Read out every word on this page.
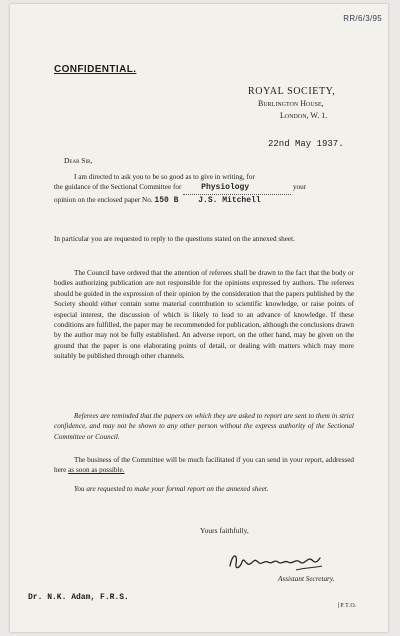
RR/6/3/95
CONFIDENTIAL.
ROYAL SOCIETY,
Burlington House,
London, W. 1.
22nd May 1937.
Dear Sir,
I am directed to ask you to be so good as to give in writing, for
the guidance of the Sectional Committee for Physiology	your
opinion on the enclosed paper No. 150 B J.S. Mitchell
In particular you are requested to reply to the questions stated on the annexed sheet.
The Council have ordered that the attention of referees shall be drawn to the fact that the body or bodies authorizing publication are not responsible for the opinions expressed by authors. The referees should be guided in the expression of their opinion by the consideration that the papers published by the Society should either contain some material contribution to scientific knowledge, or raise points of especial interest, the discussion of which is likely to lead to an advance of knowledge. If these conditions are fulfilled, the paper may be recommended for publication, although the conclusions drawn by the author may not be fully established. An adverse report, on the other hand, may be given on the ground that the paper is one elaborating points of detail, or dealing with matters which may more suitably be published through other channels.
Referees are reminded that the papers on which they are asked to report are sent to them in strict confidence, and may not be shown to any other person without the express authority of the Sectional Committee or Council.
The business of the Committee will be much facilitated if you can send in your report, addressed here as soon as possible.
You are requested to make your formal report on the annexed sheet.
Yours faithfully,
Assistant Secretary.
Dr. N.K. Adam, F.R.S.
[P.T.O.
